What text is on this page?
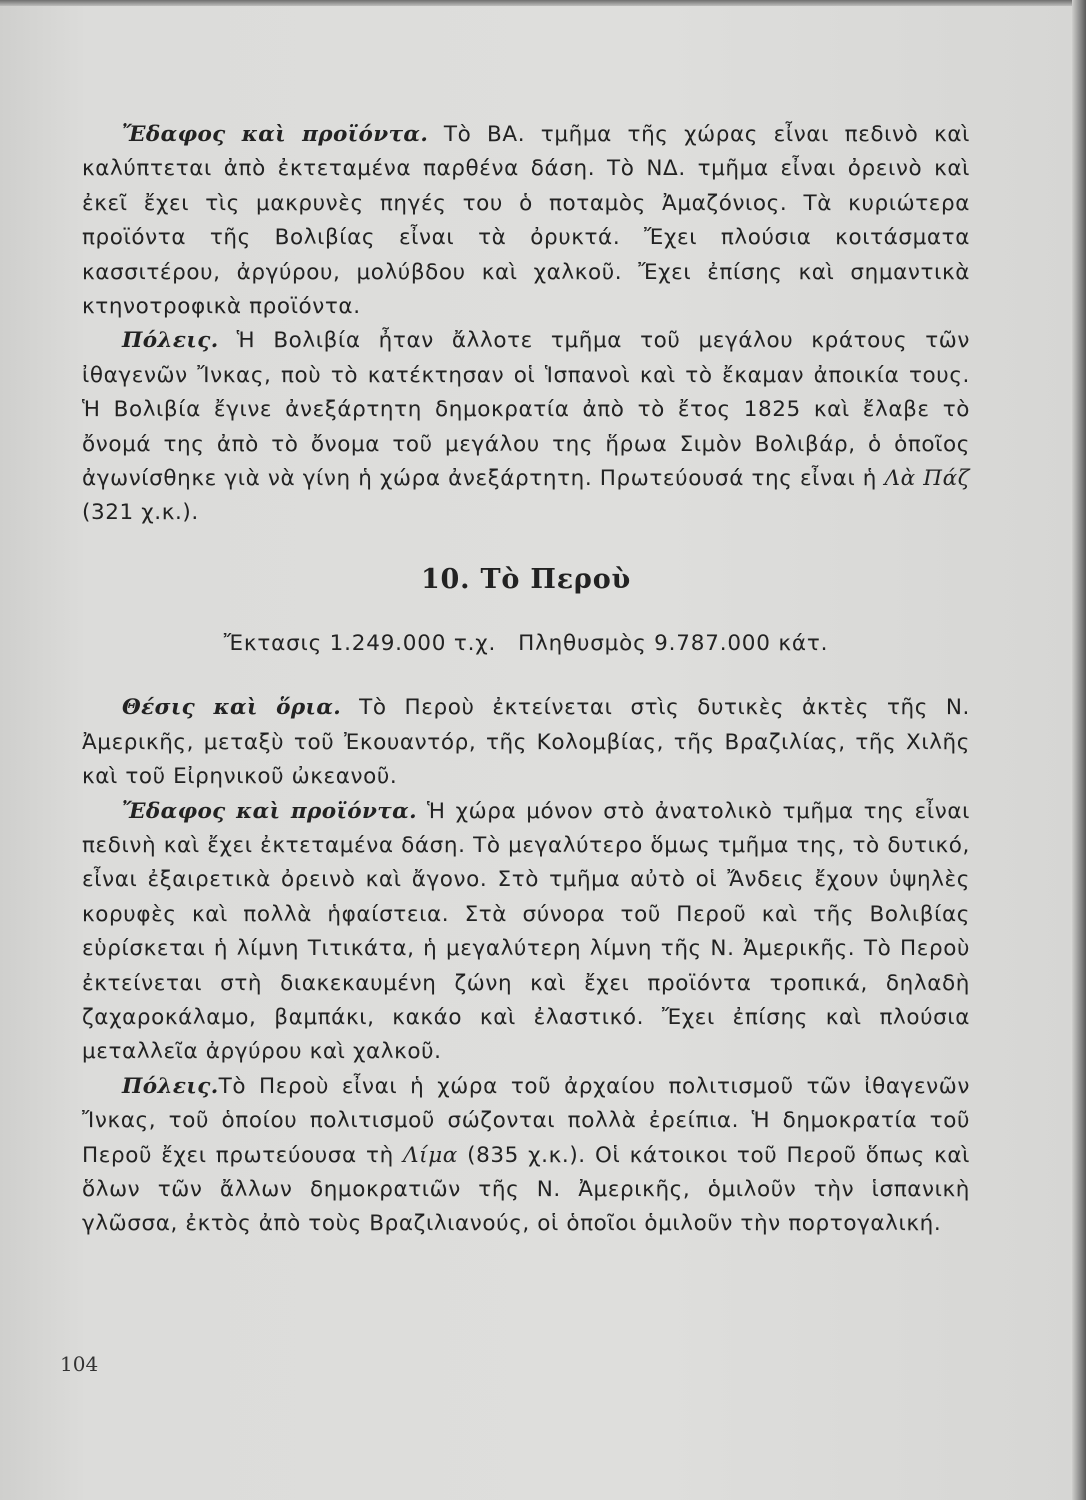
Ἔδαφος καὶ προϊόντα. Τὸ ΒΑ. τμῆμα τῆς χώρας εἶναι πεδινὸ καὶ καλύπτεται ἀπὸ ἐκτεταμένα παρθένα δάση. Τὸ ΝΔ. τμῆμα εἶναι ὀρεινὸ καὶ ἐκεῖ ἔχει τὶς μακρυνὲς πηγές του ὁ ποταμὸς Ἀμαζόνιος. Τὰ κυριώτερα προϊόντα τῆς Βολιβίας εἶναι τὰ ὀρυκτά. Ἔχει πλούσια κοιτάσματα κασσιτέρου, ἀργύρου, μολύβδου καὶ χαλκοῦ. Ἔχει ἐπίσης καὶ σημαντικὰ κτηνοτροφικὰ προϊόντα.

Πόλεις. Ἡ Βολιβία ἦταν ἄλλοτε τμῆμα τοῦ μεγάλου κράτους τῶν ἰθαγενῶν Ἴνκας, ποὺ τὸ κατέκτησαν οἱ Ἱσπανοὶ καὶ τὸ ἔκαμαν ἀποικία τους. Ἡ Βολιβία ἔγινε ἀνεξάρτητη δημοκρατία ἀπὸ τὸ ἔτος 1825 καὶ ἔλαβε τὸ ὄνομά της ἀπὸ τὸ ὄνομα τοῦ μεγάλου της ἥρωα Σιμὸν Βολιβάρ, ὁ ὁποῖος ἀγωνίσθηκε γιὰ νὰ γίνη ἡ χώρα ἀνεξάρτητη. Πρωτεύουσά της εἶναι ἡ Λὰ Πάζ (321 χ.κ.).

10. Τὸ Περοὺ
Ἔκτασις 1.249.000 τ.χ. Πληθυσμὸς 9.787.000 κάτ.

Θέσις καὶ ὅρια. Τὸ Περοὺ ἐκτείνεται στὶς δυτικὲς ἀκτὲς τῆς Ν. Ἀμερικῆς, μεταξὺ τοῦ Ἐκουαντόρ, τῆς Κολομβίας, τῆς Βραζιλίας, τῆς Χιλῆς καὶ τοῦ Εἰρηνικοῦ ὠκεανοῦ.

Ἔδαφος καὶ προϊόντα. Ἡ χώρα μόνον στὸ ἀνατολικὸ τμῆμα της εἶναι πεδινὴ καὶ ἔχει ἐκτεταμένα δάση. Τὸ μεγαλύτερο ὅμως τμῆμα της, τὸ δυτικό, εἶναι ἐξαιρετικὰ ὀρεινὸ καὶ ἄγονο. Στὸ τμῆμα αὐτὸ οἱ Ἄνδεις ἔχουν ὑψηλὲς κορυφὲς καὶ πολλὰ ἡφαίστεια. Στὰ σύνορα τοῦ Περοῦ καὶ τῆς Βολιβίας εὑρίσκεται ἡ λίμνη Τιτικάτα, ἡ μεγαλύτερη λίμνη τῆς Ν. Ἀμερικῆς. Τὸ Περοὺ ἐκτείνεται στὴ διακεκαυμένη ζώνη καὶ ἔχει προϊόντα τροπικά, δηλαδὴ ζαχαροκάλαμο, βαμπάκι, κακάο καὶ ἐλαστικό. Ἔχει ἐπίσης καὶ πλούσια μεταλλεῖα ἀργύρου καὶ χαλκοῦ.

Πόλεις.Τὸ Περοὺ εἶναι ἡ χώρα τοῦ ἀρχαίου πολιτισμοῦ τῶν ἰθαγενῶν Ἴνκας, τοῦ ὁποίου πολιτισμοῦ σώζονται πολλὰ ἐρείπια. Ἡ δημοκρατία τοῦ Περοῦ ἔχει πρωτεύουσα τὴ Λίμα (835 χ.κ.). Οἱ κάτοικοι τοῦ Περοῦ ὅπως καὶ ὅλων τῶν ἄλλων δημοκρατιῶν τῆς Ν. Ἀμερικῆς, ὁμιλοῦν τὴν ἱσπανικὴ γλῶσσα, ἐκτὸς ἀπὸ τοὺς Βραζιλιανούς, οἱ ὁποῖοι ὁμιλοῦν τὴν πορτογαλική.

104
